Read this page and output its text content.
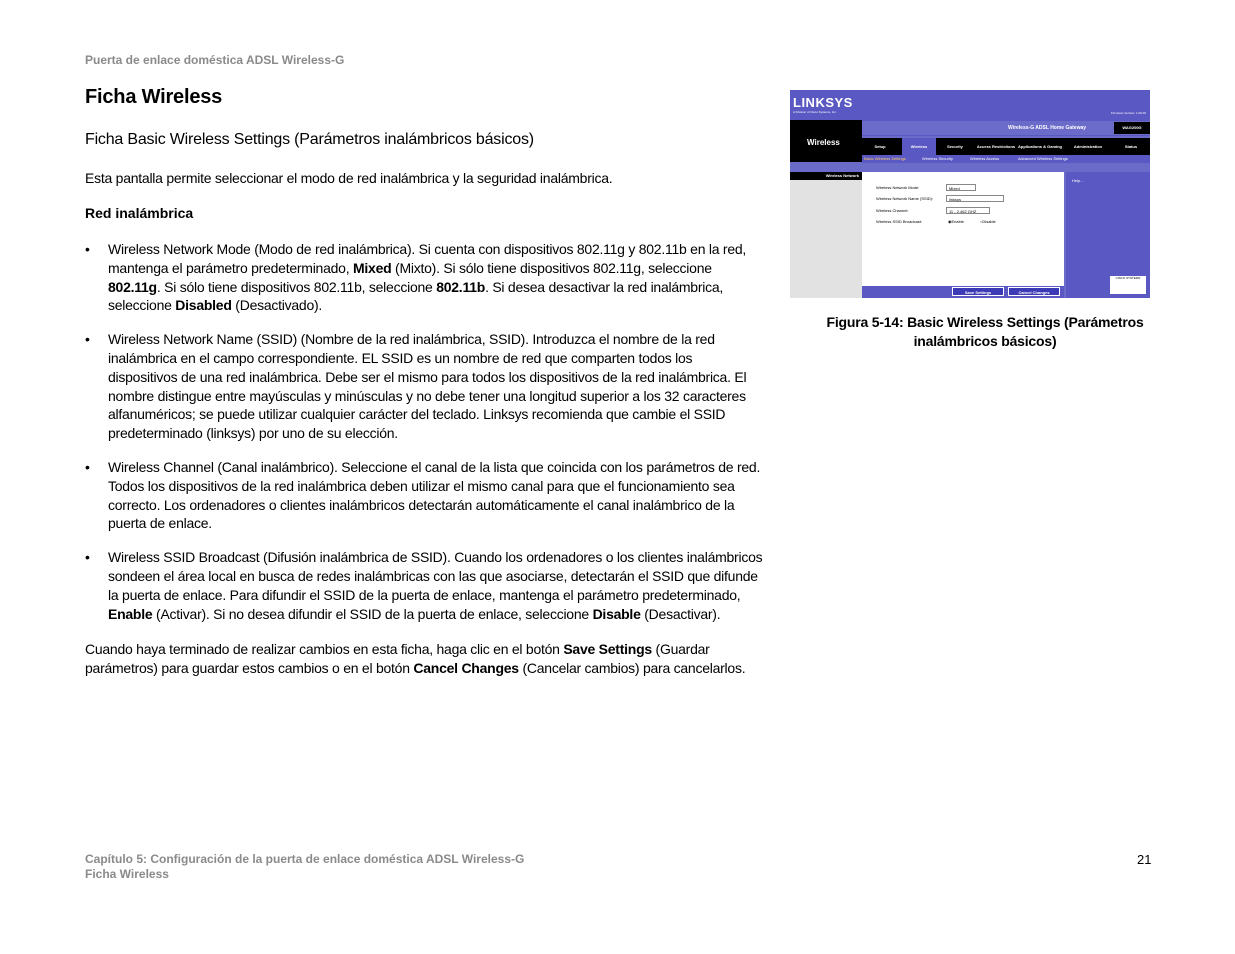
Puerta de enlace doméstica ADSL Wireless-G
Ficha Wireless
Ficha Basic Wireless Settings (Parámetros inalámbricos básicos)
Esta pantalla permite seleccionar el modo de red inalámbrica y la seguridad inalámbrica.
Red inalámbrica
• Wireless Network Mode (Modo de red inalámbrica). Si cuenta con dispositivos 802.11g y 802.11b en la red, mantenga el parámetro predeterminado, Mixed (Mixto). Si sólo tiene dispositivos 802.11g, seleccione 802.11g. Si sólo tiene dispositivos 802.11b, seleccione 802.11b. Si desea desactivar la red inalámbrica, seleccione Disabled (Desactivado).
• Wireless Network Name (SSID) (Nombre de la red inalámbrica, SSID). Introduzca el nombre de la red inalámbrica en el campo correspondiente. EL SSID es un nombre de red que comparten todos los dispositivos de una red inalámbrica. Debe ser el mismo para todos los dispositivos de la red inalámbrica. El nombre distingue entre mayúsculas y minúsculas y no debe tener una longitud superior a los 32 caracteres alfanuméricos; se puede utilizar cualquier carácter del teclado. Linksys recomienda que cambie el SSID predeterminado (linksys) por uno de su elección.
• Wireless Channel (Canal inalámbrico). Seleccione el canal de la lista que coincida con los parámetros de red. Todos los dispositivos de la red inalámbrica deben utilizar el mismo canal para que el funcionamiento sea correcto. Los ordenadores o clientes inalámbricos detectarán automáticamente el canal inalámbrico de la puerta de enlace.
• Wireless SSID Broadcast (Difusión inalámbrica de SSID). Cuando los ordenadores o los clientes inalámbricos sondeen el área local en busca de redes inalámbricas con las que asociarse, detectarán el SSID que difunde la puerta de enlace. Para difundir el SSID de la puerta de enlace, mantenga el parámetro predeterminado, Enable (Activar). Si no desea difundir el SSID de la puerta de enlace, seleccione Disable (Desactivar).
Cuando haya terminado de realizar cambios en esta ficha, haga clic en el botón Save Settings (Guardar parámetros) para guardar estos cambios o en el botón Cancel Changes (Cancelar cambios) para cancelarlos.
LINKSYS
A Division of Cisco Systems, Inc.	Firmware Version: 1.00.00
Wireless
Wireless-G ADSL Home Gateway	WAG200G
Setup	Wireless	Security	Access Restrictions Applications & Gaming	Administration	Status
Basic Wireless Settings	Wireless Security	Wireless Access	Advanced Wireless Settings
Wireless Network
Help...
CISCO SYSTEMS
Wireless Network Mode:	Mixed
Wireless Network Name (SSID):	linksys
Wireless Channel:	11 - 2.462 GHZ
Wireless SSID Broadcast:	◉Enable	○Disable
Save Settings	Cancel Changes
Figura 5-14: Basic Wireless Settings (Parámetros
inalámbricos básicos)
Capítulo 5: Configuración de la puerta de enlace doméstica ADSL Wireless-G
Ficha Wireless
21
